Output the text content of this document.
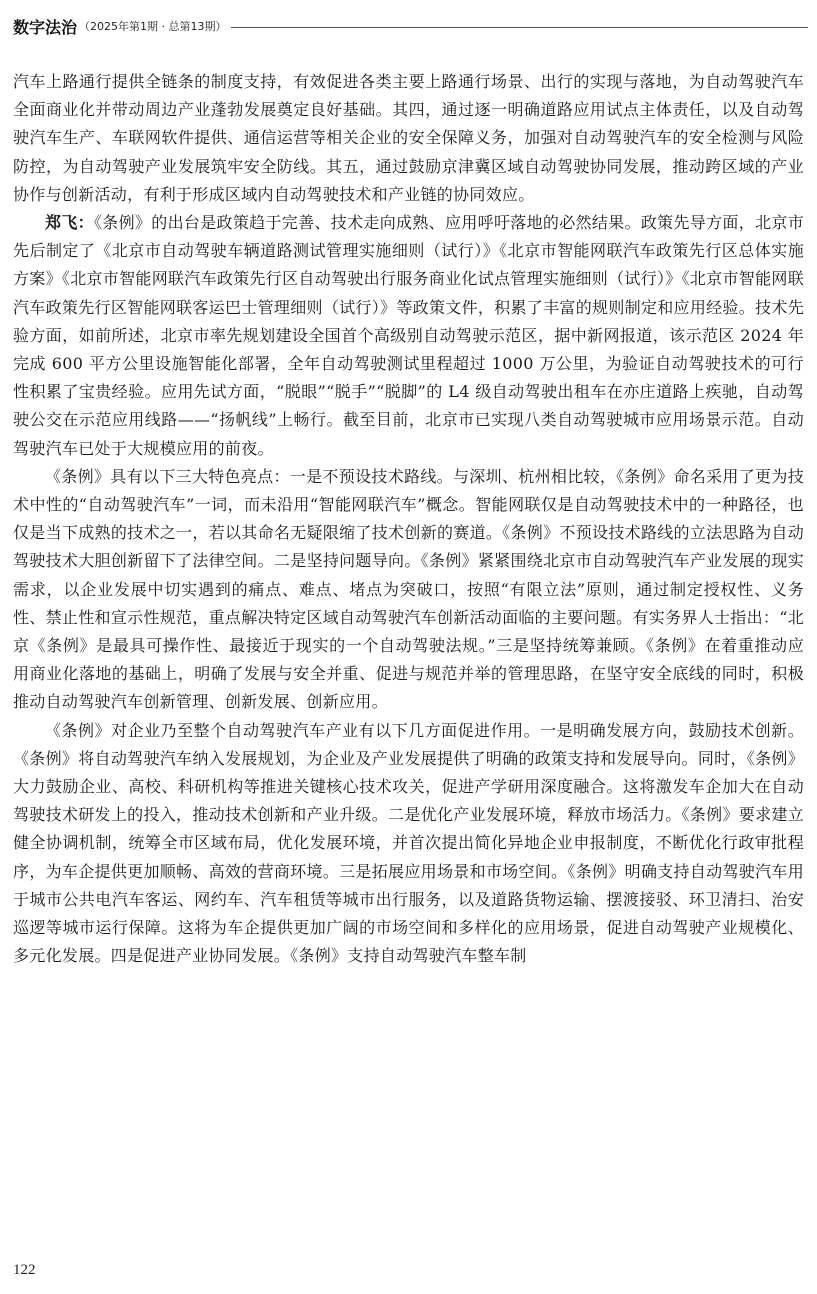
数字法治 （2025年第1期 · 总第13期）

汽车上路通行提供全链条的制度支持，有效促进各类主要上路通行场景、出行的实现与落地，为自动驾驶汽车全面商业化并带动周边产业蓬勃发展奠定良好基础。其四，通过逐一明确道路应用试点主体责任，以及自动驾驶汽车生产、车联网软件提供、通信运营等相关企业的安全保障义务，加强对自动驾驶汽车的安全检测与风险防控，为自动驾驶产业发展筑牢安全防线。其五，通过鼓励京津冀区域自动驾驶协同发展，推动跨区域的产业协作与创新活动，有利于形成区域内自动驾驶技术和产业链的协同效应。

郑飞：《条例》的出台是政策趋于完善、技术走向成熟、应用呼吁落地的必然结果。政策先导方面，北京市先后制定了《北京市自动驾驶车辆道路测试管理实施细则（试行）》《北京市智能网联汽车政策先行区总体实施方案》《北京市智能网联汽车政策先行区自动驾驶出行服务商业化试点管理实施细则（试行）》《北京市智能网联汽车政策先行区智能网联客运巴士管理细则（试行）》等政策文件，积累了丰富的规则制定和应用经验。技术先验方面，如前所述，北京市率先规划建设全国首个高级别自动驾驶示范区，据中新网报道，该示范区 2024 年完成 600 平方公里设施智能化部署，全年自动驾驶测试里程超过 1000 万公里，为验证自动驾驶技术的可行性积累了宝贵经验。应用先试方面，“脱眼”“脱手”“脱脚”的 L4 级自动驾驶出租车在亦庄道路上疾驰，自动驾驶公交在示范应用线路——“扬帆线”上畅行。截至目前，北京市已实现八类自动驾驶城市应用场景示范。自动驾驶汽车已处于大规模应用的前夜。

《条例》具有以下三大特色亮点：一是不预设技术路线。与深圳、杭州相比较，《条例》命名采用了更为技术中性的“自动驾驶汽车”一词，而未沿用“智能网联汽车”概念。智能网联仅是自动驾驶技术中的一种路径，也仅是当下成熟的技术之一，若以其命名无疑限缩了技术创新的赛道。《条例》不预设技术路线的立法思路为自动驾驶技术大胆创新留下了法律空间。二是坚持问题导向。《条例》紧紧围绕北京市自动驾驶汽车产业发展的现实需求，以企业发展中切实遇到的痛点、难点、堵点为突破口，按照“有限立法”原则，通过制定授权性、义务性、禁止性和宣示性规范，重点解决特定区域自动驾驶汽车创新活动面临的主要问题。有实务界人士指出：“北京《条例》是最具可操作性、最接近于现实的一个自动驾驶法规。”三是坚持统筹兼顾。《条例》在着重推动应用商业化落地的基础上，明确了发展与安全并重、促进与规范并举的管理思路，在坚守安全底线的同时，积极推动自动驾驶汽车创新管理、创新发展、创新应用。

《条例》对企业乃至整个自动驾驶汽车产业有以下几方面促进作用。一是明确发展方向，鼓励技术创新。《条例》将自动驾驶汽车纳入发展规划，为企业及产业发展提供了明确的政策支持和发展导向。同时，《条例》大力鼓励企业、高校、科研机构等推进关键核心技术攻关，促进产学研用深度融合。这将激发车企加大在自动驾驶技术研发上的投入，推动技术创新和产业升级。二是优化产业发展环境，释放市场活力。《条例》要求建立健全协调机制，统筹全市区域布局，优化发展环境，并首次提出简化异地企业申报制度，不断优化行政审批程序，为车企提供更加顺畅、高效的营商环境。三是拓展应用场景和市场空间。《条例》明确支持自动驾驶汽车用于城市公共电汽车客运、网约车、汽车租赁等城市出行服务，以及道路货物运输、摆渡接驳、环卫清扫、治安巡逻等城市运行保障。这将为车企提供更加广阔的市场空间和多样化的应用场景，促进自动驾驶产业规模化、多元化发展。四是促进产业协同发展。《条例》支持自动驾驶汽车整车制

122
